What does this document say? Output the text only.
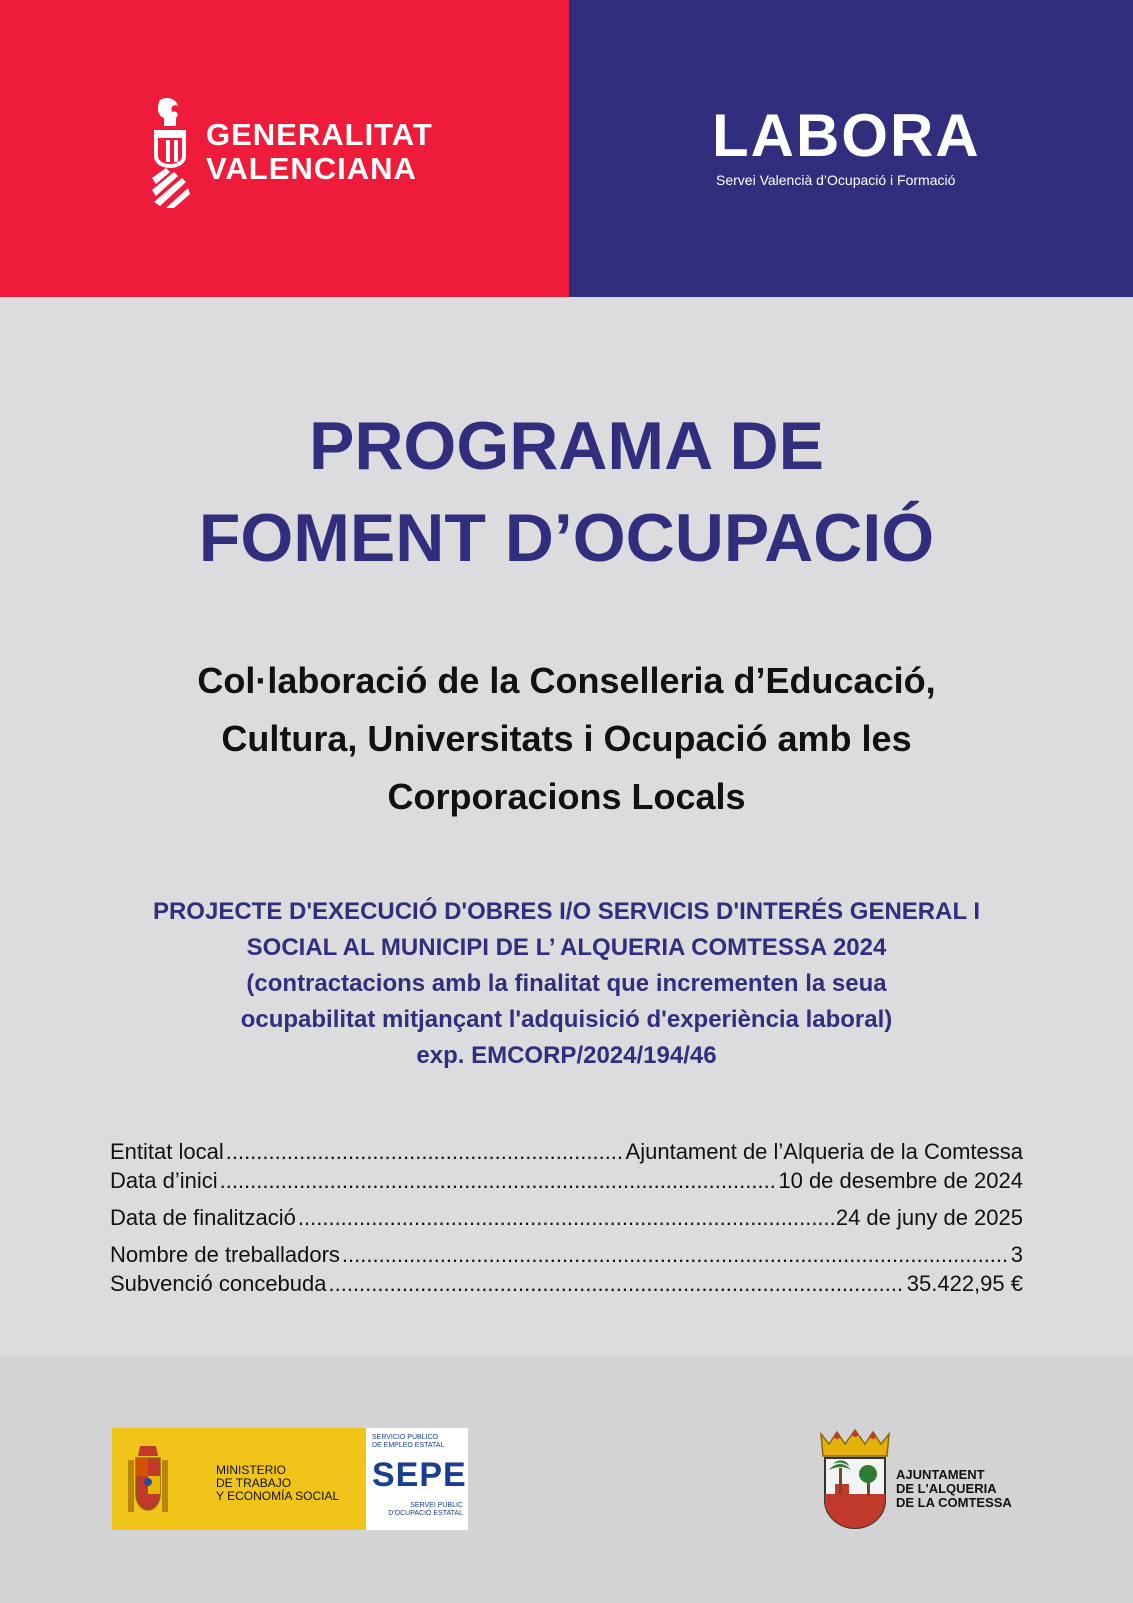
GENERALITAT
VALENCIANA	LABORA
Servei Valencià d’Ocupació i Formació
PROGRAMA DE
FOMENT D’OCUPACIÓ
Col·laboració de la Conselleria d’Educació,
Cultura, Universitats i Ocupació amb les
Corporacions Locals
PROJECTE D'EXECUCIÓ D'OBRES I/O SERVICIS D'INTERÉS GENERAL I
SOCIAL AL MUNICIPI DE L’ ALQUERIA COMTESSA 2024
(contractacions amb la finalitat que incrementen la seua
ocupabilitat mitjançant l'adquisició d'experiència laboral)
exp. EMCORP/2024/194/46
Entitat local .....	Ajuntament de l’Alqueria de la Comtessa
Data d’inici .....	10 de desembre de 2024
Data de finalització .....	24 de juny de 2025
Nombre de treballadors .....	3
Subvenció concebuda .....	35.422,95 €
MINISTERIO
DE TRABAJO
Y ECONOMÍA SOCIAL
SERVICIO PÚBLICO
DE EMPLEO ESTATAL
SEPE
SERVEI PÚBLIC
D'OCUPACIÓ ESTATAL
AJUNTAMENT
DE L'ALQUERIA
DE LA COMTESSA
